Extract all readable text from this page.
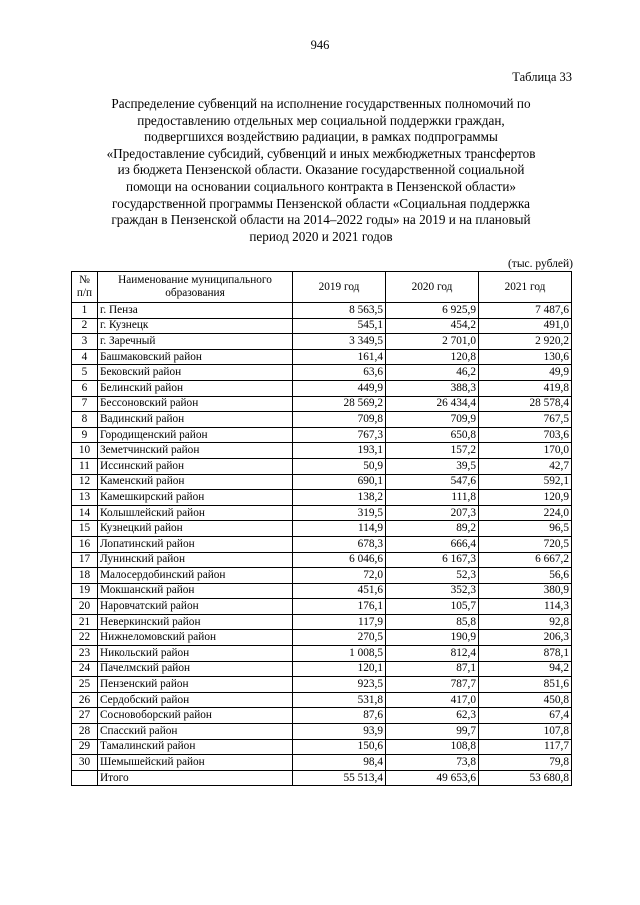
946
Таблица 33
Распределение субвенций на исполнение государственных полномочий по
предоставлению отдельных мер социальной поддержки граждан,
подвергшихся воздействию радиации, в рамках подпрограммы
«Предоставление субсидий, субвенций и иных межбюджетных трансфертов
из бюджета Пензенской области. Оказание государственной социальной
помощи на основании социального контракта в Пензенской области»
государственной программы Пензенской области «Социальная поддержка
граждан в Пензенской области на 2014–2022 годы» на 2019 и на плановый
период 2020 и 2021 годов
(тыс. рублей)
№ п/п	Наименование муниципального образования	2019 год	2020 год	2021 год
1	г. Пенза	8 563,5	6 925,9	7 487,6
2	г. Кузнецк	545,1	454,2	491,0
3	г. Заречный	3 349,5	2 701,0	2 920,2
4	Башмаковский район	161,4	120,8	130,6
5	Бековский район	63,6	46,2	49,9
6	Белинский район	449,9	388,3	419,8
7	Бессоновский район	28 569,2	26 434,4	28 578,4
8	Вадинский район	709,8	709,9	767,5
9	Городищенский район	767,3	650,8	703,6
10	Земетчинский район	193,1	157,2	170,0
11	Иссинский район	50,9	39,5	42,7
12	Каменский район	690,1	547,6	592,1
13	Камешкирский район	138,2	111,8	120,9
14	Колышлейский район	319,5	207,3	224,0
15	Кузнецкий район	114,9	89,2	96,5
16	Лопатинский район	678,3	666,4	720,5
17	Лунинский район	6 046,6	6 167,3	6 667,2
18	Малосердобинский район	72,0	52,3	56,6
19	Мокшанский район	451,6	352,3	380,9
20	Наровчатский район	176,1	105,7	114,3
21	Неверкинский район	117,9	85,8	92,8
22	Нижнеломовский район	270,5	190,9	206,3
23	Никольский район	1 008,5	812,4	878,1
24	Пачелмский район	120,1	87,1	94,2
25	Пензенский район	923,5	787,7	851,6
26	Сердобский район	531,8	417,0	450,8
27	Сосновоборский район	87,6	62,3	67,4
28	Спасский район	93,9	99,7	107,8
29	Тамалинский район	150,6	108,8	117,7
30	Шемышейский район	98,4	73,8	79,8
	Итого	55 513,4	49 653,6	53 680,8
